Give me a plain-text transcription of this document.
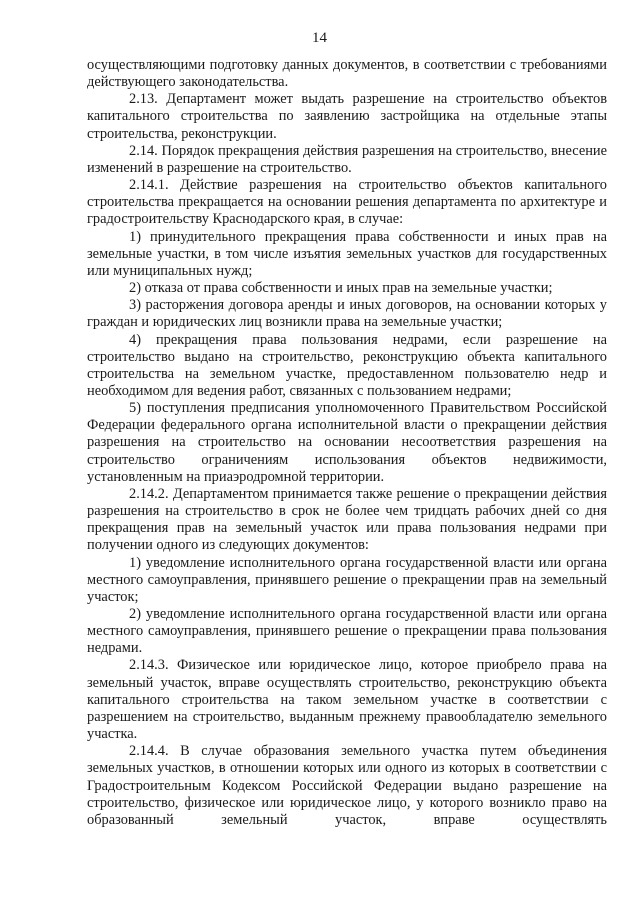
14

осуществляющими подготовку данных документов, в соответствии с требованиями действующего законодательства.

2.13. Департамент может выдать разрешение на строительство объектов капитального строительства по заявлению застройщика на отдельные этапы строительства, реконструкции.

2.14. Порядок прекращения действия разрешения на строительство, внесение изменений в разрешение на строительство.

2.14.1. Действие разрешения на строительство объектов капитального строительства прекращается на основании решения департамента по архитектуре и градостроительству Краснодарского края, в случае:

1) принудительного прекращения права собственности и иных прав на земельные участки, в том числе изъятия земельных участков для государственных или муниципальных нужд;

2) отказа от права собственности и иных прав на земельные участки;

3) расторжения договора аренды и иных договоров, на основании которых у граждан и юридических лиц возникли права на земельные участки;

4) прекращения права пользования недрами, если разрешение на строительство выдано на строительство, реконструкцию объекта капитального строительства на земельном участке, предоставленном пользователю недр и необходимом для ведения работ, связанных с пользованием недрами;

5) поступления предписания уполномоченного Правительством Российской Федерации федерального органа исполнительной власти о прекращении действия разрешения на строительство на основании несоответствия разрешения на строительство ограничениям использования объектов недвижимости, установленным на приаэродромной территории.

2.14.2. Департаментом принимается также решение о прекращении действия разрешения на строительство в срок не более чем тридцать рабочих дней со дня прекращения прав на земельный участок или права пользования недрами при получении одного из следующих документов:

1) уведомление исполнительного органа государственной власти или органа местного самоуправления, принявшего решение о прекращении прав на земельный участок;

2) уведомление исполнительного органа государственной власти или органа местного самоуправления, принявшего решение о прекращении права пользования недрами.

2.14.3. Физическое или юридическое лицо, которое приобрело права на земельный участок, вправе осуществлять строительство, реконструкцию объекта капитального строительства на таком земельном участке в соответствии с разрешением на строительство, выданным прежнему правообладателю земельного участка.

2.14.4. В случае образования земельного участка путем объединения земельных участков, в отношении которых или одного из которых в соответствии с Градостроительным Кодексом Российской Федерации выдано разрешение на строительство, физическое или юридическое лицо, у которого возникло право на образованный земельный участок, вправе осуществлять
